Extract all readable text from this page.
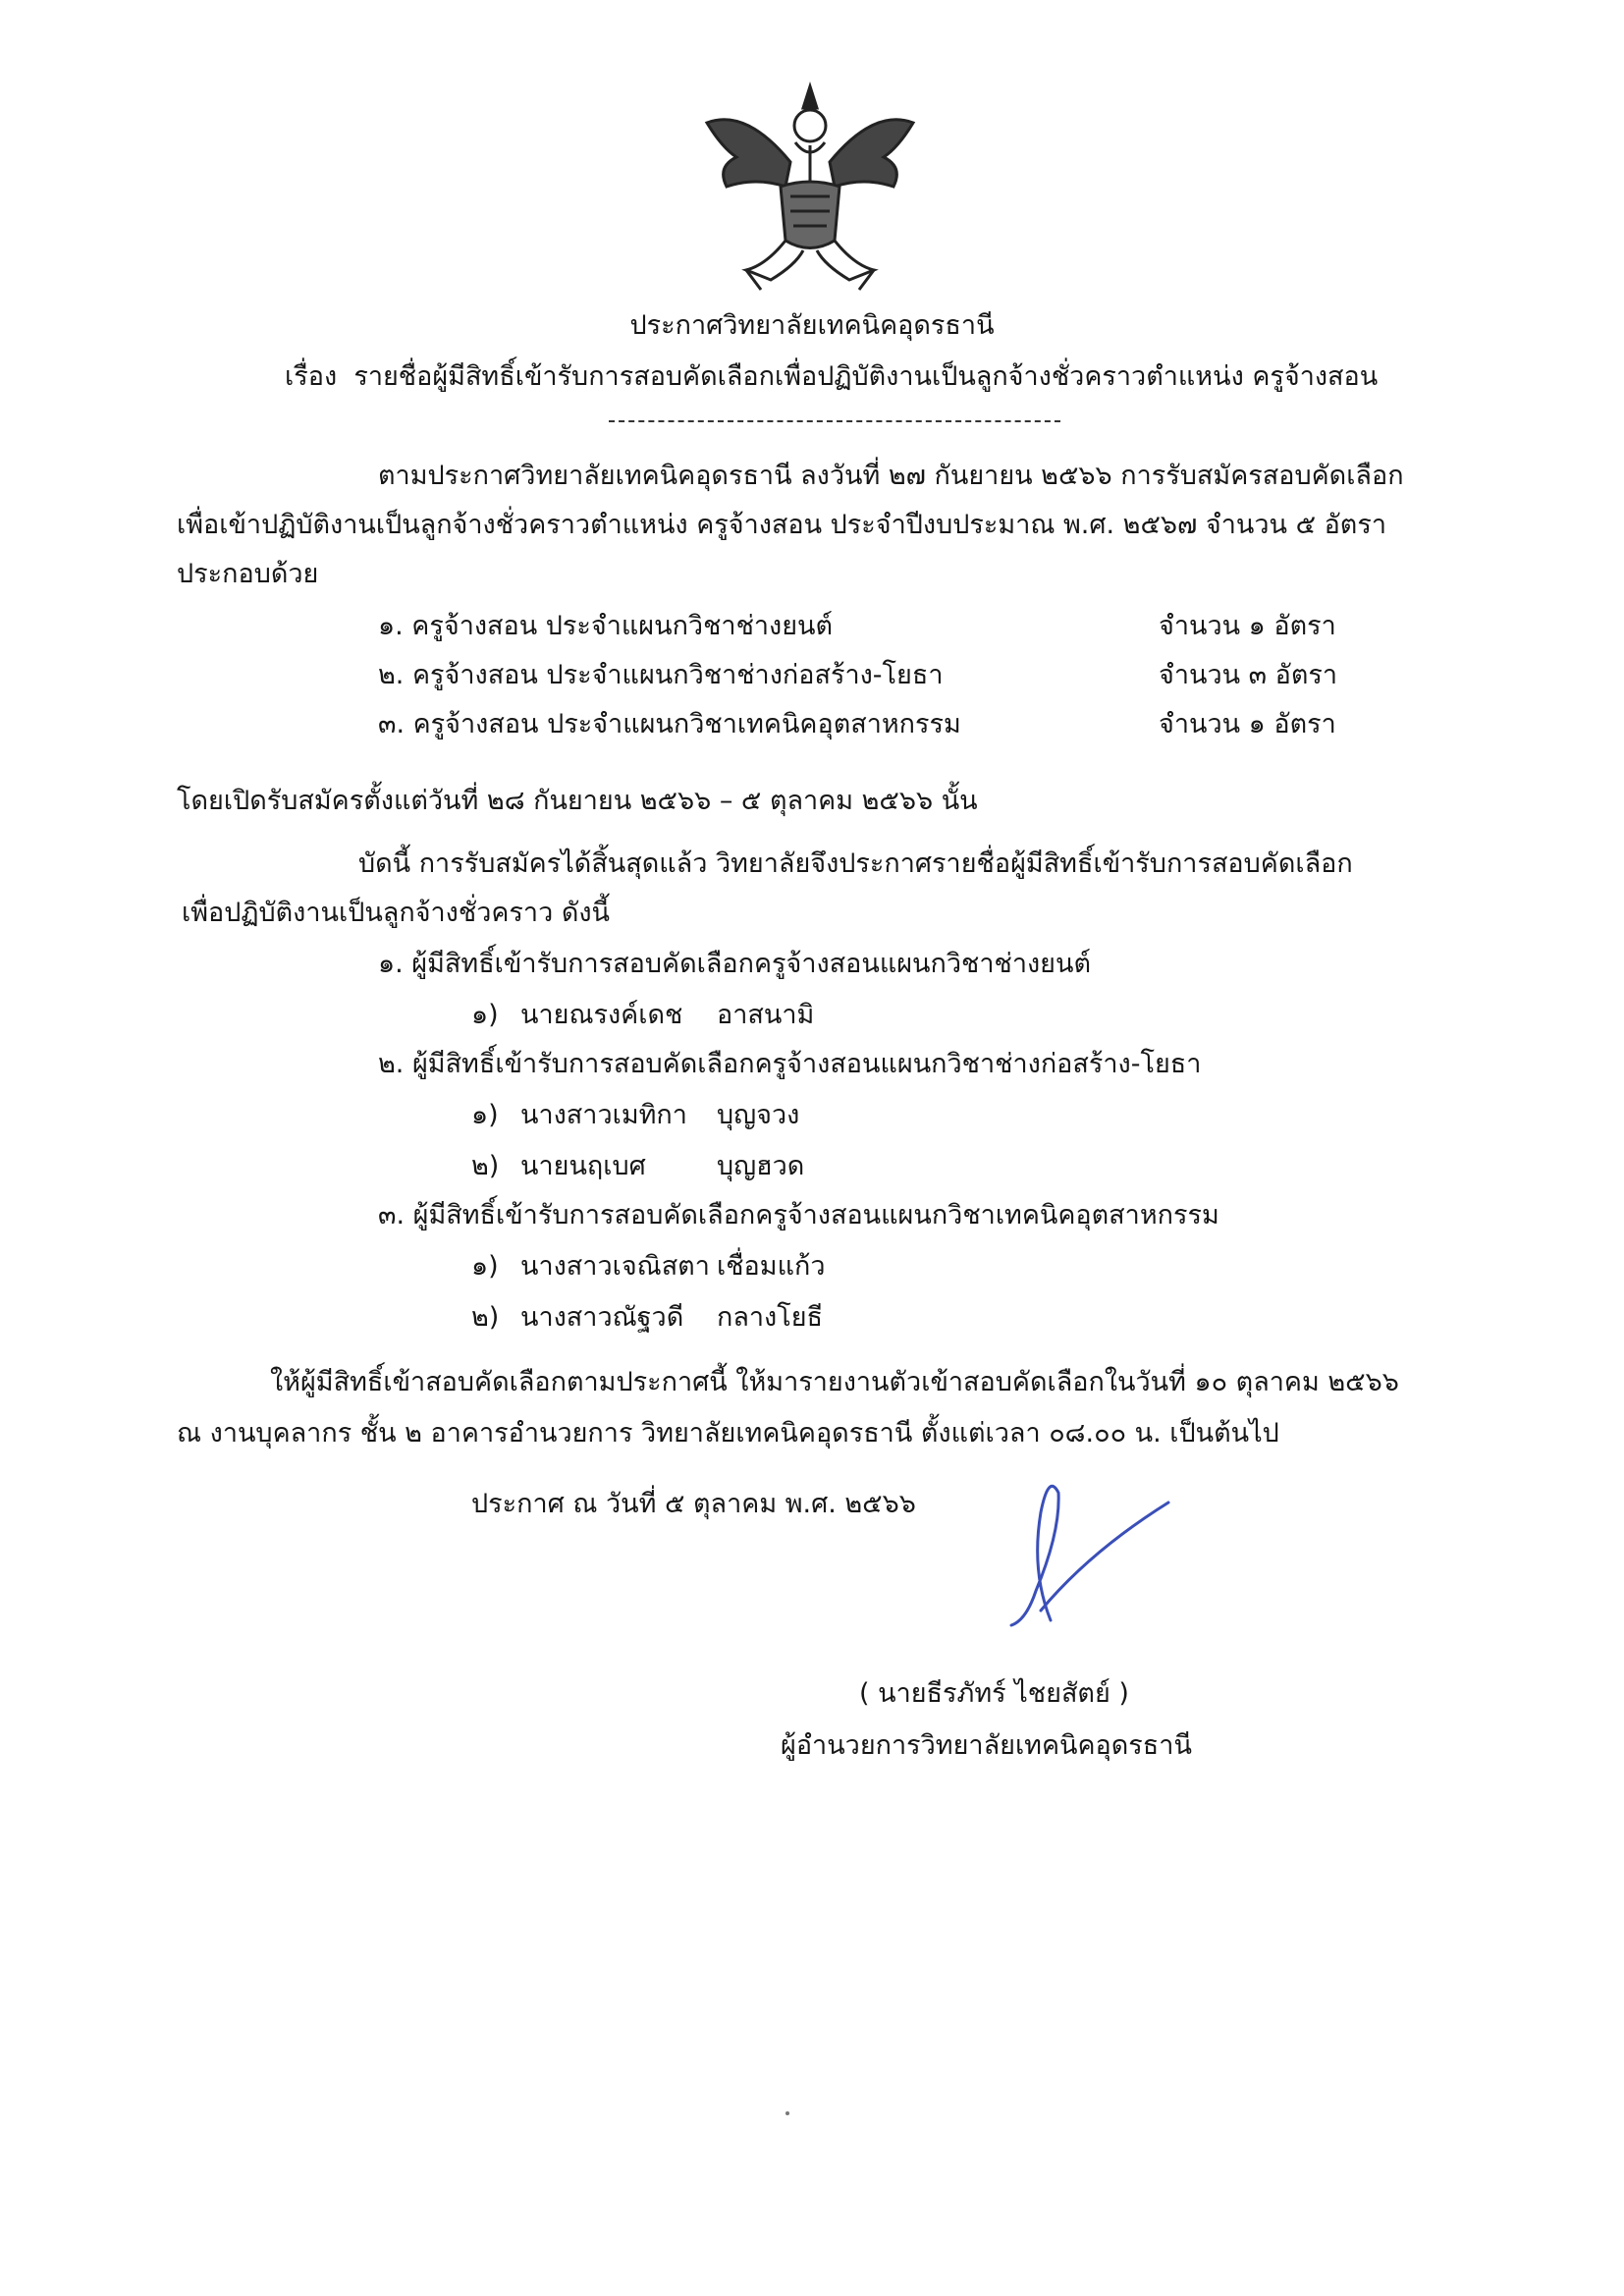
ประกาศวิทยาลัยเทคนิคอุดรธานี
เรื่อง รายชื่อผู้มีสิทธิ์เข้ารับการสอบคัดเลือกเพื่อปฏิบัติงานเป็นลูกจ้างชั่วคราวตำแหน่ง ครูจ้างสอน
ตามประกาศวิทยาลัยเทคนิคอุดรธานี ลงวันที่ ๒๗ กันยายน ๒๕๖๖ การรับสมัครสอบคัดเลือก
เพื่อเข้าปฏิบัติงานเป็นลูกจ้างชั่วคราวตำแหน่ง ครูจ้างสอน ประจำปีงบประมาณ พ.ศ. ๒๕๖๗ จำนวน ๕ อัตรา
ประกอบด้วย
๑. ครูจ้างสอน ประจำแผนกวิชาช่างยนต์	จำนวน ๑ อัตรา
๒. ครูจ้างสอน ประจำแผนกวิชาช่างก่อสร้าง-โยธา	จำนวน ๓ อัตรา
๓. ครูจ้างสอน ประจำแผนกวิชาเทคนิคอุตสาหกรรม	จำนวน ๑ อัตรา
โดยเปิดรับสมัครตั้งแต่วันที่ ๒๘ กันยายน ๒๕๖๖ – ๕ ตุลาคม ๒๕๖๖ นั้น
บัดนี้ การรับสมัครได้สิ้นสุดแล้ว วิทยาลัยจึงประกาศรายชื่อผู้มีสิทธิ์เข้ารับการสอบคัดเลือก
เพื่อปฏิบัติงานเป็นลูกจ้างชั่วคราว ดังนี้
๑. ผู้มีสิทธิ์เข้ารับการสอบคัดเลือกครูจ้างสอนแผนกวิชาช่างยนต์
๑) นายณรงค์เดช อาสนามิ
๒. ผู้มีสิทธิ์เข้ารับการสอบคัดเลือกครูจ้างสอนแผนกวิชาช่างก่อสร้าง-โยธา
๑) นางสาวเมทิกา บุญจวง
๒) นายนฤเบศ	บุญฮวด
๓. ผู้มีสิทธิ์เข้ารับการสอบคัดเลือกครูจ้างสอนแผนกวิชาเทคนิคอุตสาหกรรม
๑) นางสาวเจณิสตา เชื่อมแก้ว
๒) นางสาวณัฐวดี กลางโยธี
ให้ผู้มีสิทธิ์เข้าสอบคัดเลือกตามประกาศนี้ ให้มารายงานตัวเข้าสอบคัดเลือกในวันที่ ๑๐ ตุลาคม ๒๕๖๖
ณ งานบุคลากร ชั้น ๒ อาคารอำนวยการ วิทยาลัยเทคนิคอุดรธานี ตั้งแต่เวลา ๐๘.๐๐ น. เป็นต้นไป
ประกาศ ณ วันที่ ๕ ตุลาคม พ.ศ. ๒๕๖๖
( นายธีรภัทร์ ไชยสัตย์ )
ผู้อำนวยการวิทยาลัยเทคนิคอุดรธานี
